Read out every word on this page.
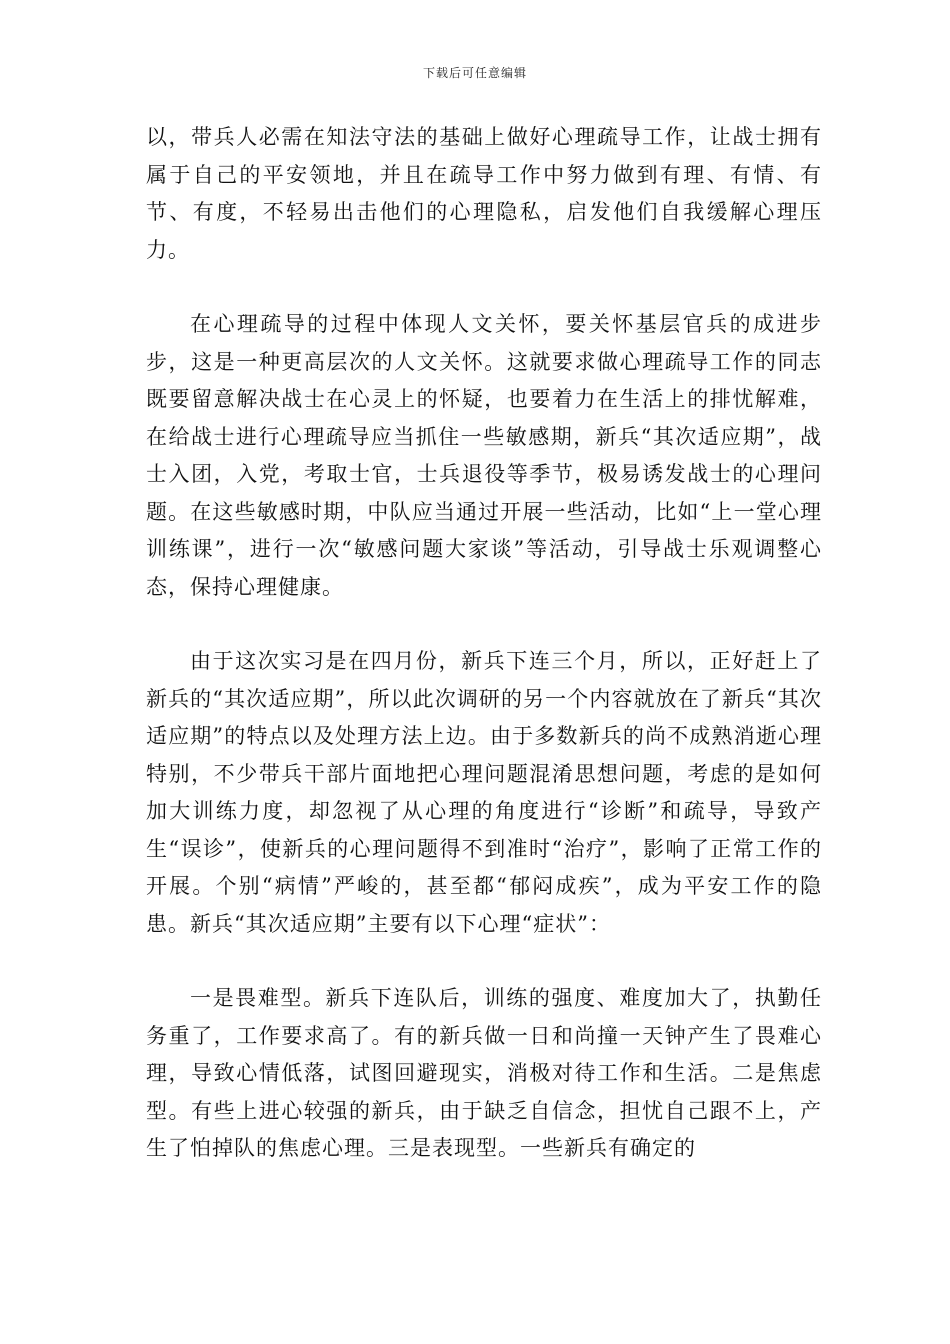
下载后可任意编辑

以，带兵人必需在知法守法的基础上做好心理疏导工作，让战士拥有属于自己的平安领地，并且在疏导工作中努力做到有理、有情、有节、有度，不轻易出击他们的心理隐私，启发他们自我缓解心理压力。

在心理疏导的过程中体现人文关怀，要关怀基层官兵的成进步步，这是一种更高层次的人文关怀。这就要求做心理疏导工作的同志既要留意解决战士在心灵上的怀疑，也要着力在生活上的排忧解难，在给战士进行心理疏导应当抓住一些敏感期，新兵“其次适应期”，战士入团，入党，考取士官，士兵退役等季节，极易诱发战士的心理问题。在这些敏感时期，中队应当通过开展一些活动，比如“上一堂心理训练课”，进行一次“敏感问题大家谈”等活动，引导战士乐观调整心态，保持心理健康。

由于这次实习是在四月份，新兵下连三个月，所以，正好赶上了新兵的“其次适应期”，所以此次调研的另一个内容就放在了新兵“其次适应期”的特点以及处理方法上边。由于多数新兵的尚不成熟消逝心理特别，不少带兵干部片面地把心理问题混淆思想问题，考虑的是如何加大训练力度，却忽视了从心理的角度进行“诊断”和疏导，导致产生“误诊”，使新兵的心理问题得不到准时“治疗”，影响了正常工作的开展。个别“病情”严峻的，甚至都“郁闷成疾”，成为平安工作的隐患。新兵“其次适应期”主要有以下心理“症状”：

一是畏难型。新兵下连队后，训练的强度、难度加大了，执勤任务重了，工作要求高了。有的新兵做一日和尚撞一天钟产生了畏难心理，导致心情低落，试图回避现实，消极对待工作和生活。二是焦虑型。有些上进心较强的新兵，由于缺乏自信念，担忧自己跟不上，产生了怕掉队的焦虑心理。三是表现型。一些新兵有确定的
